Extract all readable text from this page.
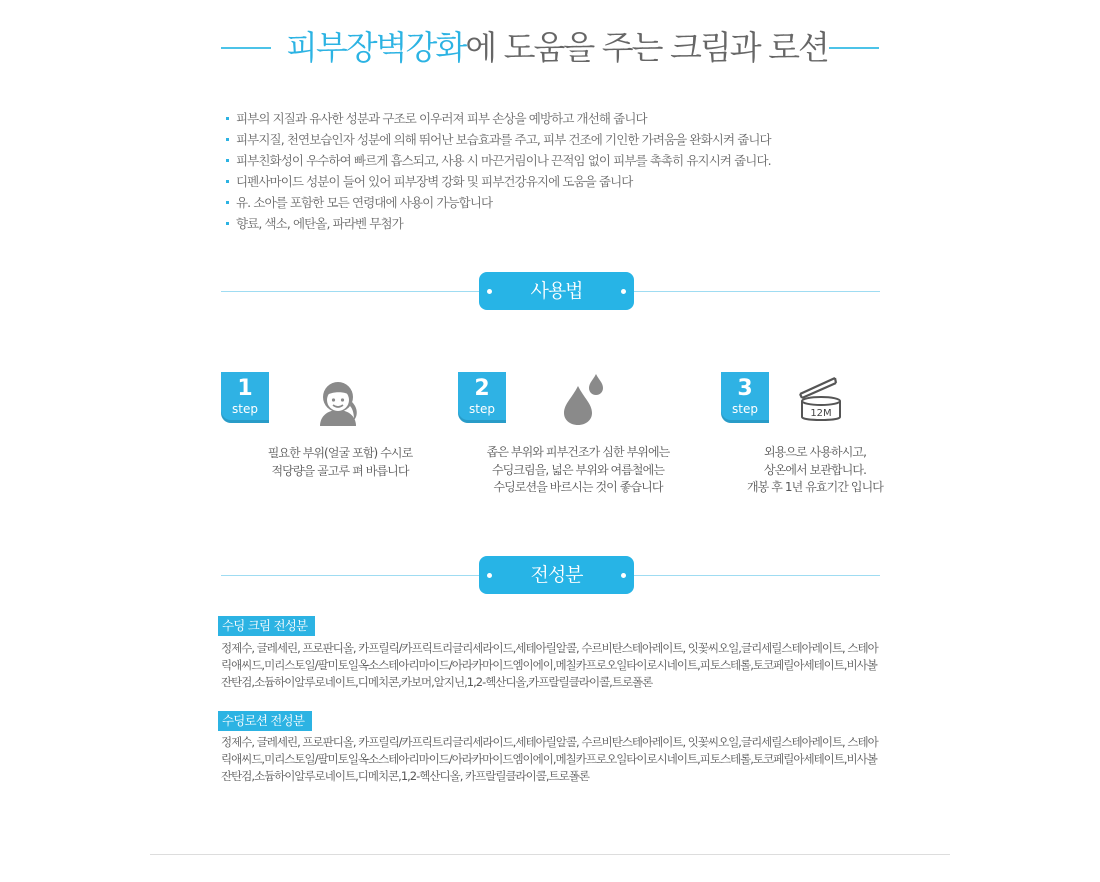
피부장벽강화에 도움을 주는 크림과 로션
피부의 지질과 유사한 성분과 구조로 이우러져 피부 손상을 예방하고 개선해 줍니다
피부지질, 천연보습인자 성분에 의해 뛰어난 보습효과를 주고, 피부 건조에 기인한 가려움을 완화시켜 줍니다
피부친화성이 우수하여 빠르게 흡스되고, 사용 시 마끈거림이나 끈적임 없이 피부를 촉촉히 유지시켜 줍니다.
디펜사마이드 성분이 들어 있어 피부장벽 강화 및 피부건강유지에 도움을 줍니다
유. 소아를 포함한 모든 연령대에 사용이 가능합니다
향료, 색소, 에탄올, 파라벤 무첨가
사용법
1
step
필요한 부위(얼굴 포함) 수시로
적당량을 골고루 펴 바릅니다
2
step
좁은 부위와 피부건조가 심한 부위에는
수딩크림을, 넓은 부위와 여름철에는
수딩로션을 바르시는 것이 좋습니다
3
step	12M
외용으로 사용하시고,
상온에서 보관합니다.
개봉 후 1년 유효기간 입니다
전성분
수딩 크림 전성분
정제수, 글레세린, 프로판디올, 카프릴릭/카프릭트리글리세라이드,세테아릴알콜, 수르비탄스테아레이트, 잇꽃씨오일,글리세릴스테아레이트, 스테아릭애씨드,미리스토일/팔미토일옥소스테아리마이드/아라카마이드엠이에이,메칠카프로오일타이로시네이트,피토스테롤,토코페릴아세테이트,비사볼잔탄검,소듐하이알루로네이트,디메치콘,카보머,알지닌,1,2-헥산디올,카프랄릴클라이콜,트로폴론
수딩로션 전성분
정제수, 글레세린, 프로판디올, 카프릴릭/카프릭트리글리세라이드,세테아릴알콜, 수르비탄스테아레이트, 잇꽃씨오일,글리세릴스테아레이트, 스테아릭애씨드,미리스토일/팔미토일옥소스테아리마이드/아라카마이드엠이에이,메칠카프로오일타이로시네이트,피토스테롤,토코페릴아세테이트,비사볼잔탄검,소듐하이알루로네이트,디메치콘,1,2-헥산디올, 카프랄릴클라이콜,트로폴론
